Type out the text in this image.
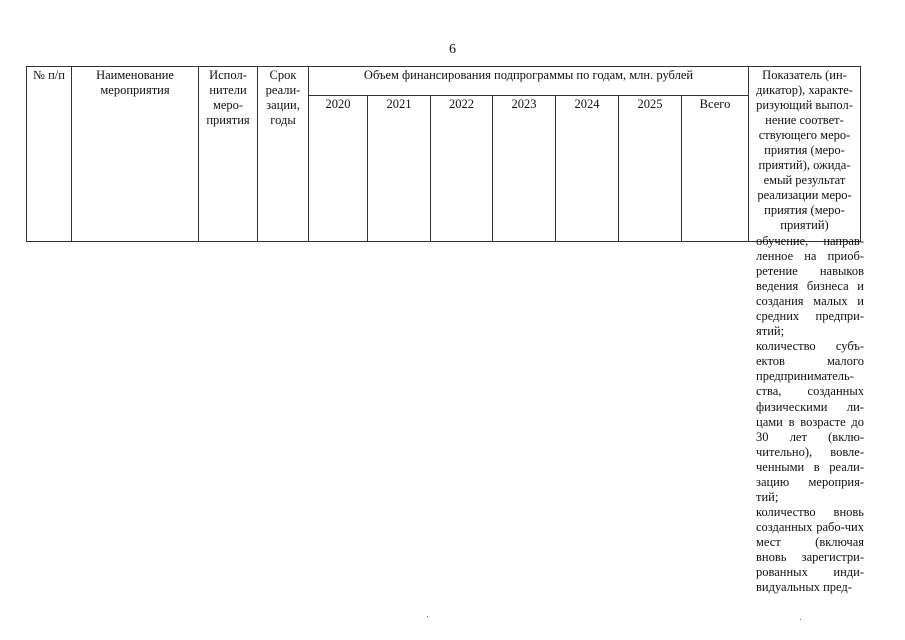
6
№ п/п	Наименование мероприятия	Испол-нители меро-приятия	Срок реали-зации, годы	Объем финансирования подпрограммы по годам, млн. рублей							Показатель (ин-дикатор), характе-ризующий выпол-нение соответ-ствующего меро-приятия (меро-приятий), ожида-емый результат реализации меро-приятия (меро-приятий)
				2020	2021	2022	2023	2024	2025	Всего	

обучение, направ-ленное на приоб-ретение навыков ведения бизнеса и создания малых и средних предпри-ятий;

количество субъ-ектов малого предприниматель-ства, созданных физическими ли-цами в возрасте до 30 лет (вклю-чительно), вовле-ченными в реали-зацию мероприя-тий;

количество вновь созданных рабо-чих мест (включая вновь зарегистри-рованных инди-видуальных пред-
